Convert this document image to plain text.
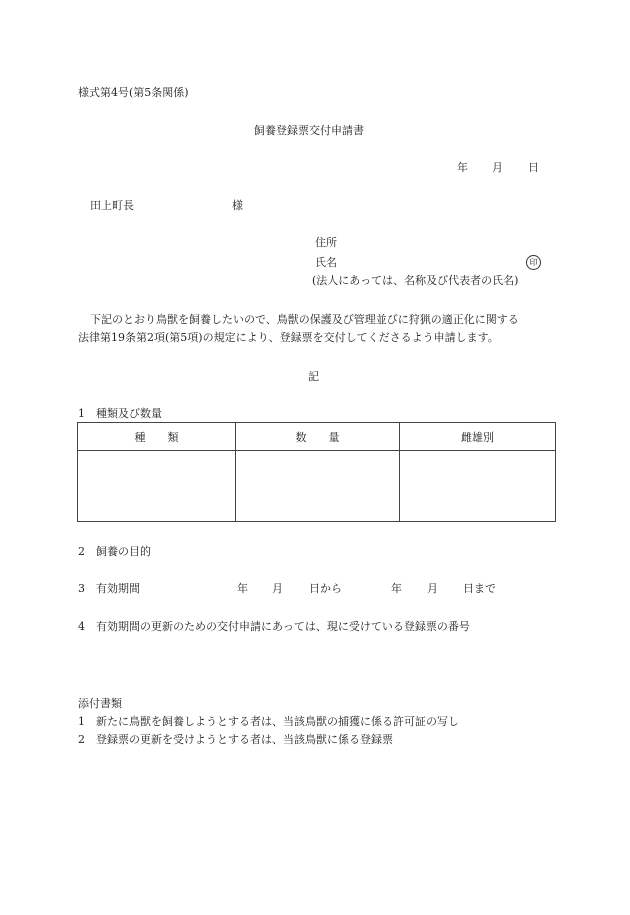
様式第4号(第5条関係)
飼養登録票交付申請書
年 月 日
田上町長	様
住所
氏名	印
(法人にあっては、名称及び代表者の氏名)
下記のとおり鳥獣を飼養したいので、鳥獣の保護及び管理並びに狩猟の適正化に関する
法律第19条第2項(第5項)の規定により、登録票を交付してくださるよう申請します。
記
1　種類及び数量
種　　類	数　　量	雌雄別

2　飼養の目的
3　有効期間	年 月 日から	年 月 日まで
4　有効期間の更新のための交付申請にあっては、現に受けている登録票の番号
添付書類
1　新たに鳥獣を飼養しようとする者は、当該鳥獣の捕獲に係る許可証の写し
2　登録票の更新を受けようとする者は、当該鳥獣に係る登録票
